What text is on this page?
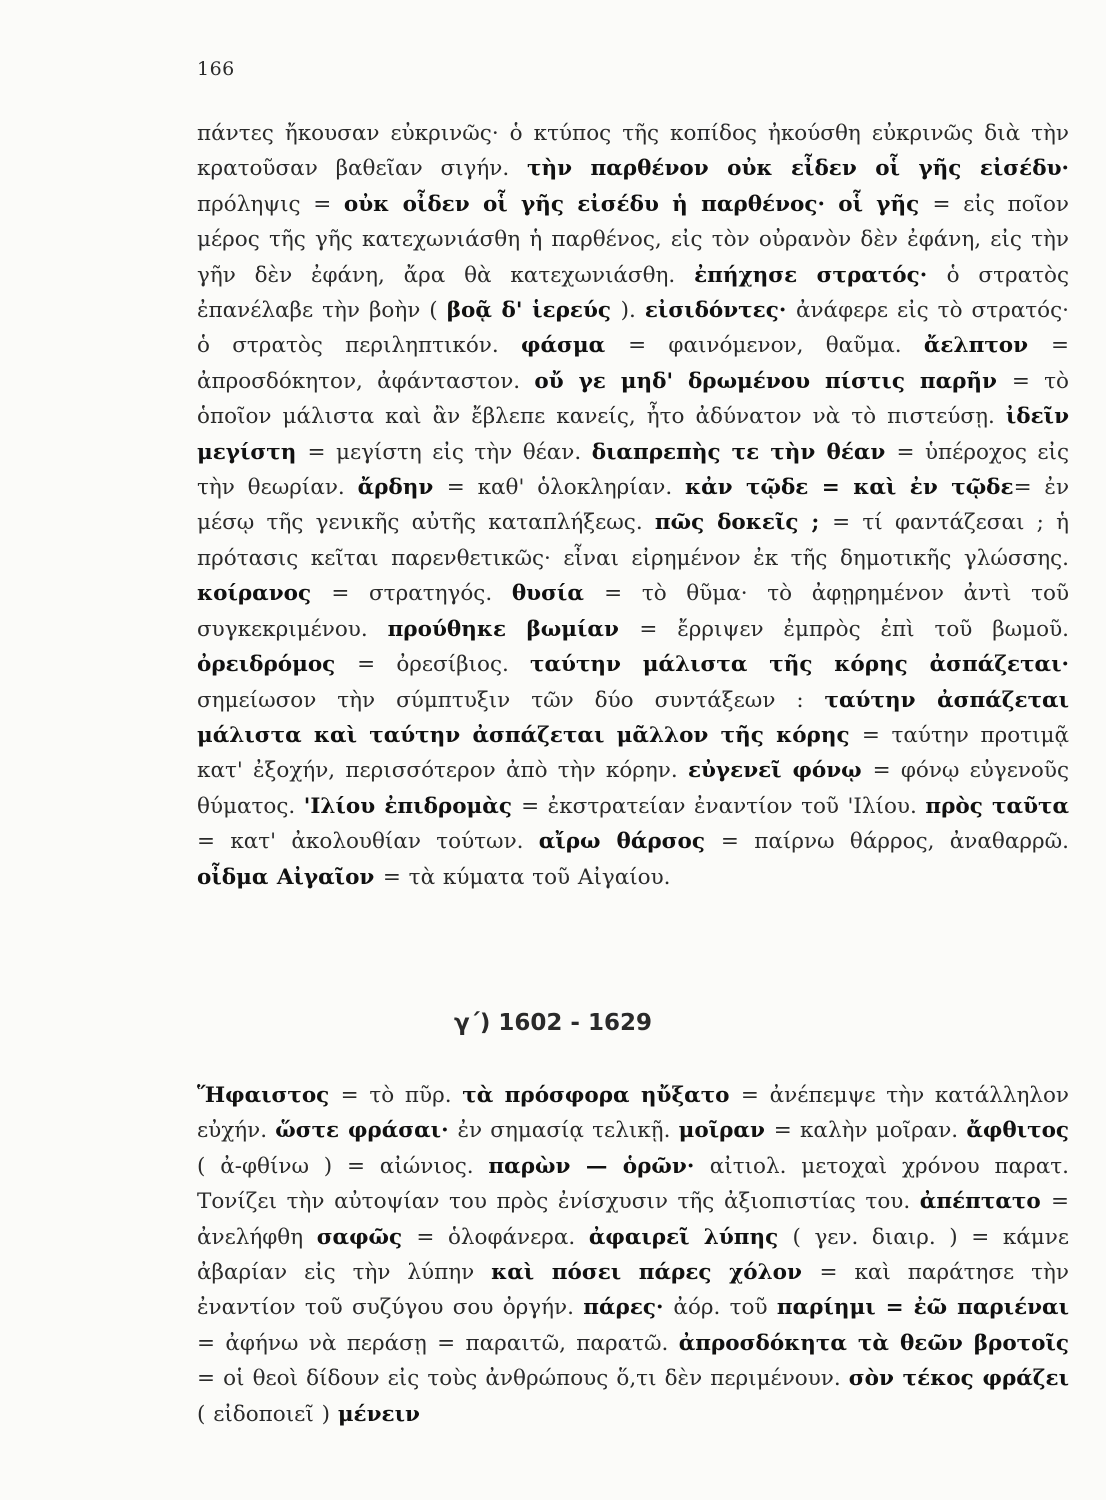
166
πάντες ἤκουσαν εὐκρινῶς· ὁ κτύπος τῆς κοπίδος ἠκούσθη εὐκρινῶς διὰ τὴν κρατοῦσαν βαθεῖαν σιγήν. τὴν παρθένον οὐκ εἶδεν οἷ γῆς εἰσέδυ· πρόληψις = οὐκ οἶδεν οἷ γῆς εἰσέδυ ἡ παρθένος· οἷ γῆς = εἰς ποῖον μέρος τῆς γῆς κατεχωνιάσθη ἡ παρθένος, εἰς τὸν οὐρανὸν δὲν ἐφάνη, εἰς τὴν γῆν δὲν ἐφάνη, ἄρα θὰ κατεχωνιάσθη. ἐπήχησε στρατός· ὁ στρατὸς ἐπανέλαβε τὴν βοὴν ( βοᾷ δ' ἱερεύς ). εἰσιδόντες· ἀνάφερε εἰς τὸ στρατός· ὁ στρατὸς περιληπτικόν. φάσμα = φαινόμενον, θαῦμα. ἄελπτον = ἀπροσδόκητον, ἀφάνταστον. οὔ γε μηδ' δρωμένου πίστις παρῆν = τὸ ὁποῖον μάλιστα καὶ ἂν ἔβλεπε κανείς, ἦτο ἀδύνατον νὰ τὸ πιστεύσῃ. ἰδεῖν μεγίστη = μεγίστη εἰς τὴν θέαν. διαπρεπὴς τε τὴν θέαν = ὑπέροχος εἰς τὴν θεωρίαν. ἄρδην = καθ' ὁλοκληρίαν. κἀν τῷδε = καὶ ἐν τῷδε= ἐν μέσῳ τῆς γενικῆς αὐτῆς καταπλήξεως. πῶς δοκεῖς ; = τί φαντάζεσαι ; ἡ πρότασις κεῖται παρενθετικῶς· εἶναι εἰρημένον ἐκ τῆς δημοτικῆς γλώσσης. κοίρανος = στρατηγός. θυσία = τὸ θῦμα· τὸ ἀφῃρημένον ἀντὶ τοῦ συγκεκριμένου. προύθηκε βωμίαν = ἔρριψεν ἐμπρὸς ἐπὶ τοῦ βωμοῦ. ὀρειδρόμος = ὀρεσίβιος. ταύτην μάλιστα τῆς κόρης ἀσπάζεται· σημείωσον τὴν σύμπτυξιν τῶν δύο συντάξεων : ταύτην ἀσπάζεται μάλιστα καὶ ταύτην ἀσπάζεται μᾶλλον τῆς κόρης = ταύτην προτιμᾷ κατ' ἐξοχήν, περισσότερον ἀπὸ τὴν κόρην. εὐγενεῖ φόνῳ = φόνῳ εὐγενοῦς θύματος. 'Ιλίου ἐπιδρομὰς = ἐκστρατείαν ἐναντίον τοῦ 'Ιλίου. πρὸς ταῦτα = κατ' ἀκολουθίαν τούτων. αἴρω θάρσος = παίρνω θάρρος, ἀναθαρρῶ. οἶδμα Αἰγαῖον = τὰ κύματα τοῦ Αἰγαίου.
γ΄) 1602 - 1629
Ἥφαιστος = τὸ πῦρ. τὰ πρόσφορα ηὔξατο = ἀνέπεμψε τὴν κατάλληλον εὐχήν. ὥστε φράσαι· ἐν σημασίᾳ τελικῇ. μοῖραν = καλὴν μοῖραν. ἄφθιτος ( ἀ-φθίνω ) = αἰώνιος. παρὼν — ὁρῶν· αἰτιολ. μετοχαὶ χρόνου παρατ. Τονίζει τὴν αὐτοψίαν του πρὸς ἐνίσχυσιν τῆς ἀξιοπιστίας του. ἀπέπτατο = ἀνελήφθη σαφῶς = ὁλοφάνερα. ἀφαιρεῖ λύπης ( γεν. διαιρ. ) = κάμνε ἀβαρίαν εἰς τὴν λύπην καὶ πόσει πάρες χόλον = καὶ παράτησε τὴν ἐναντίον τοῦ συζύγου σου ὀργήν. πάρες· ἀόρ. τοῦ παρίημι = ἐῶ παριέναι = ἀφήνω νὰ περάσῃ = παραιτῶ, παρατῶ. ἀπροσδόκητα τὰ θεῶν βροτοῖς = οἱ θεοὶ δίδουν εἰς τοὺς ἀνθρώπους ὅ,τι δὲν περιμένουν. σὸν τέκος φράζει ( εἰδοποιεῖ ) μένειν
